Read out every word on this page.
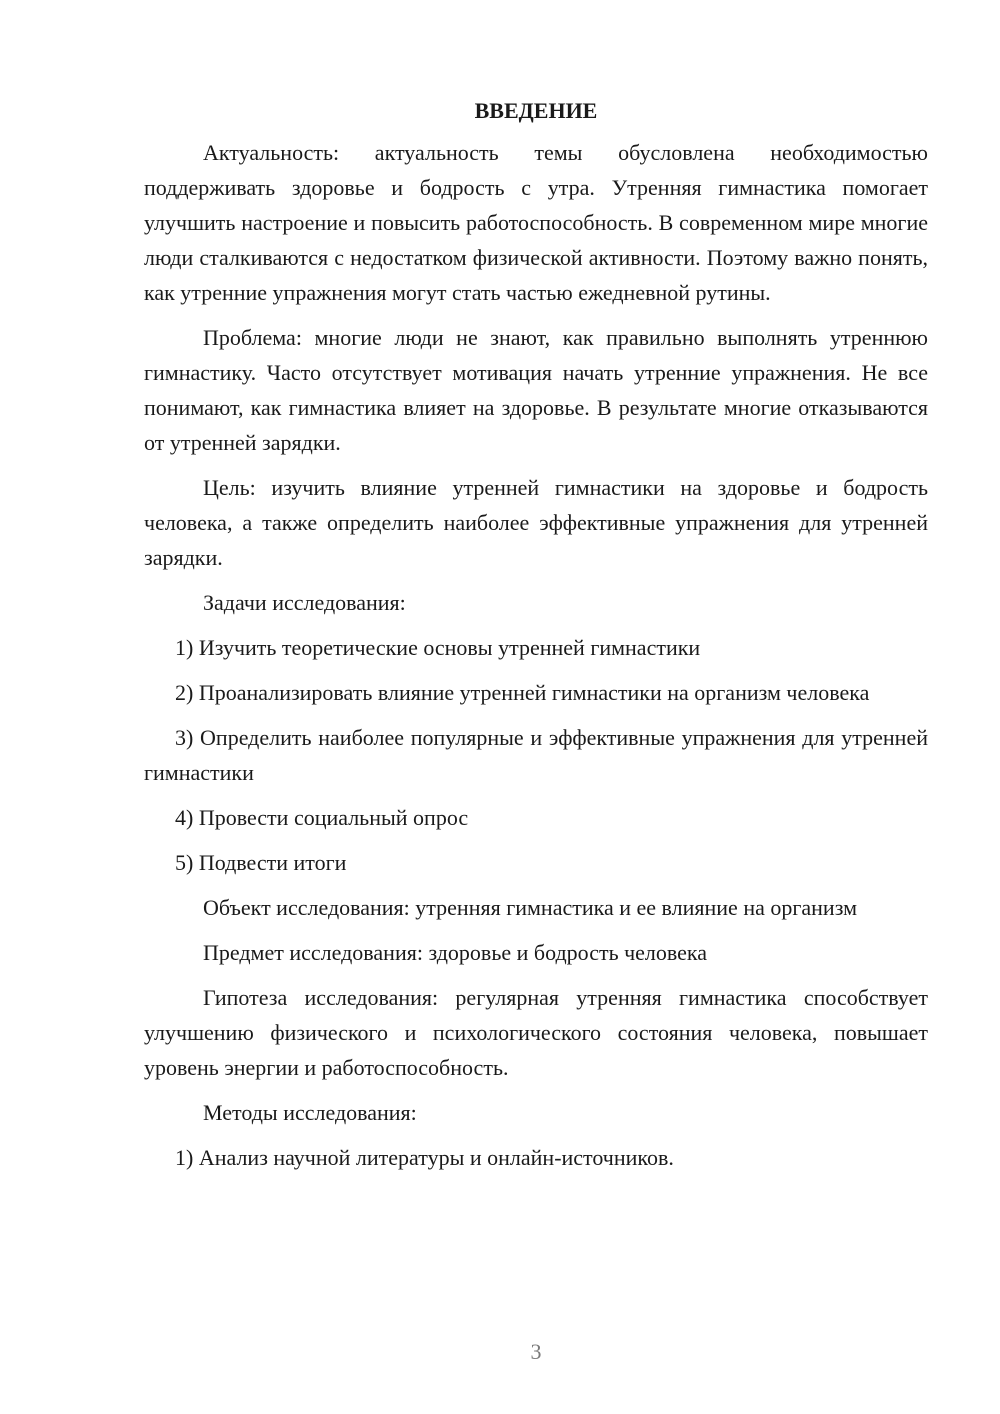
ВВЕДЕНИЕ

Актуальность: актуальность темы обусловлена необходимостью поддерживать здоровье и бодрость с утра. Утренняя гимнастика помогает улучшить настроение и повысить работоспособность. В современном мире многие люди сталкиваются с недостатком физической активности. Поэтому важно понять, как утренние упражнения могут стать частью ежедневной рутины.

Проблема: многие люди не знают, как правильно выполнять утреннюю гимнастику. Часто отсутствует мотивация начать утренние упражнения. Не все понимают, как гимнастика влияет на здоровье. В результате многие отказываются от утренней зарядки.

Цель: изучить влияние утренней гимнастики на здоровье и бодрость человека, а также определить наиболее эффективные упражнения для утренней зарядки.

Задачи исследования:

1) Изучить теоретические основы утренней гимнастики

2) Проанализировать влияние утренней гимнастики на организм человека

3) Определить наиболее популярные и эффективные упражнения для утренней гимнастики

4) Провести социальный опрос

5) Подвести итоги

Объект исследования: утренняя гимнастика и ее влияние на организм

Предмет исследования: здоровье и бодрость человека

Гипотеза исследования: регулярная утренняя гимнастика способствует улучшению физического и психологического состояния человека, повышает уровень энергии и работоспособность.

Методы исследования:

1) Анализ научной литературы и онлайн-источников.

3
